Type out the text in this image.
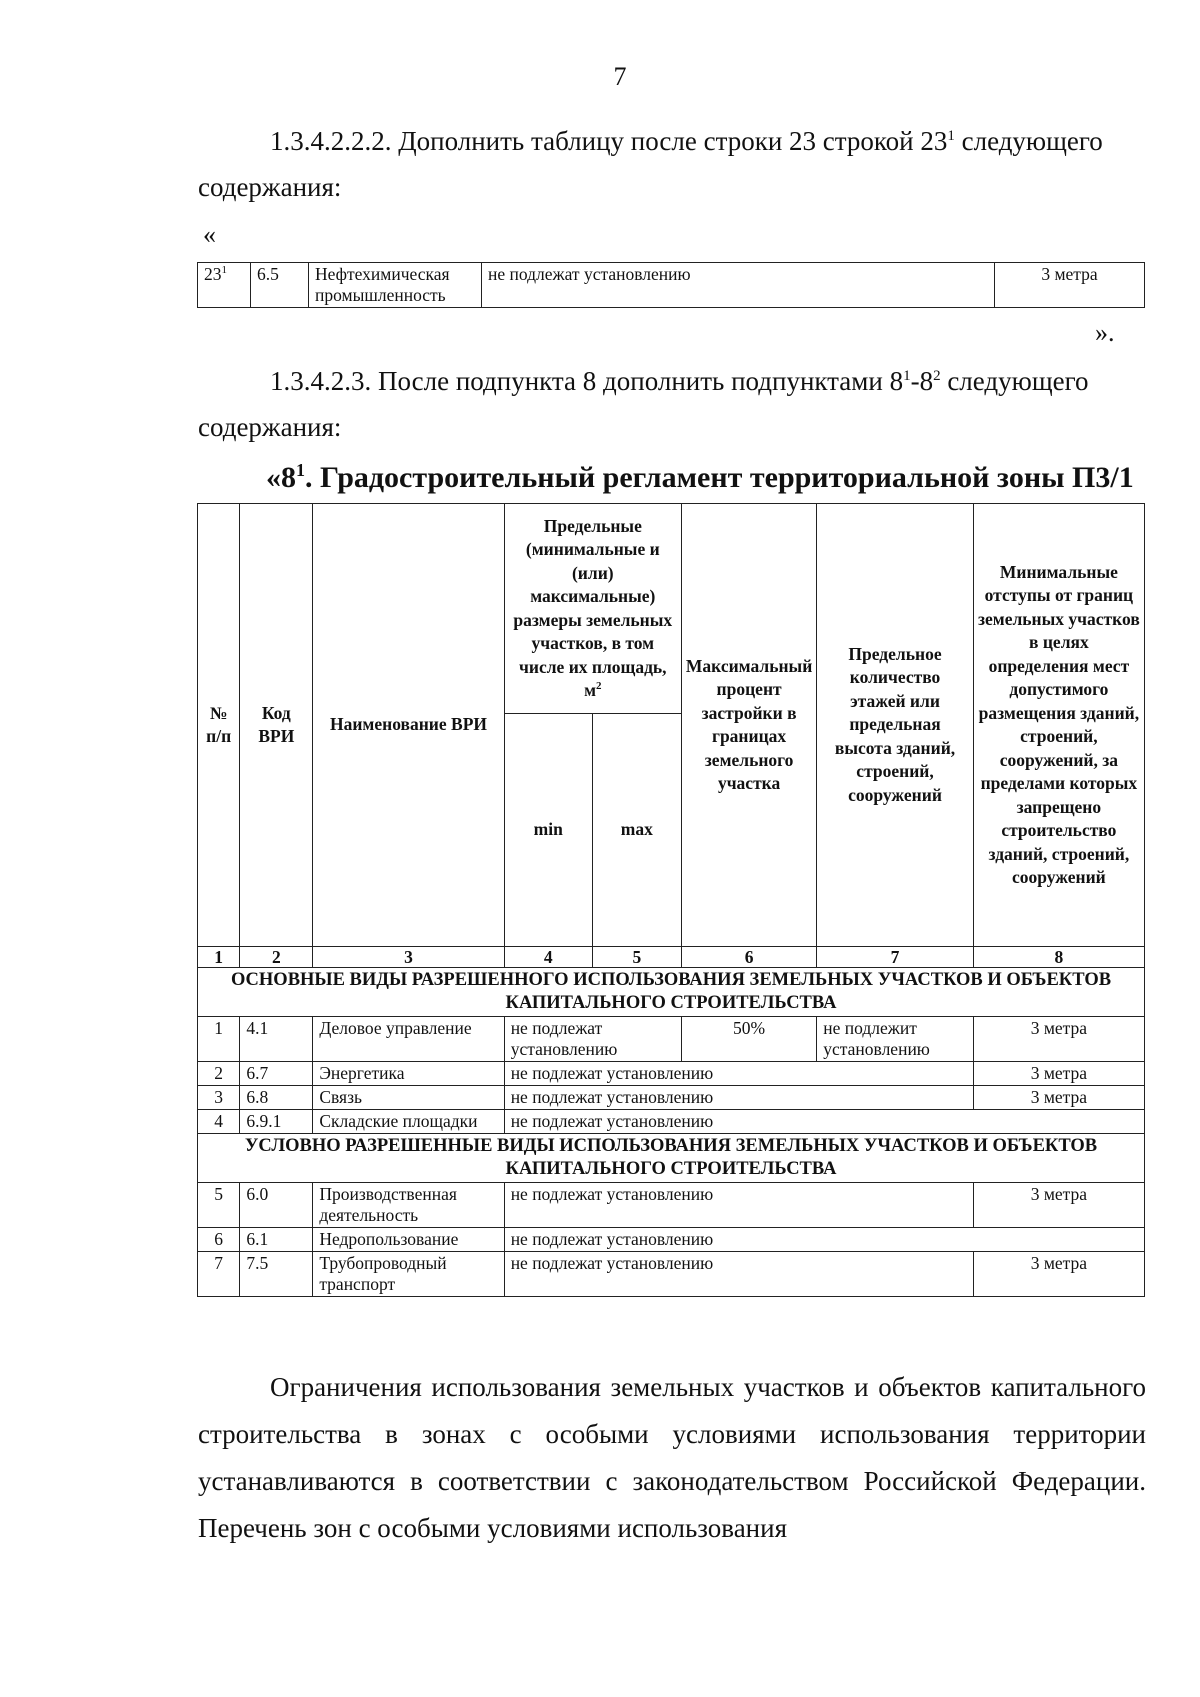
7
1.3.4.2.2.2. Дополнить таблицу после строки 23 строкой $23^1$ следующего содержания:
«
$23^1$	6.5	Нефтехимическая промышленность	не подлежат установлению	3 метра
».
1.3.4.2.3. После подпункта 8 дополнить подпунктами $8^1-8^2$ следующего содержания:
«$8^1$. Градостроительный регламент территориальной зоны П3/1
№ п/п	Код ВРИ	Наименование ВРИ	Предельные (минимальные и (или) максимальные) размеры земельных участков, в том числе их площадь, $м^2$		Максимальный процент застройки в границах земельного участка	Предельное количество этажей или предельная высота зданий, строений, сооружений	Минимальные отступы от границ земельных участков в целях определения мест допустимого размещения зданий, строений, сооружений, за пределами которых запрещено строительство зданий, строений, сооружений
			min	max			
1	2	3	4	5	6	7	8
ОСНОВНЫЕ ВИДЫ РАЗРЕШЕННОГО ИСПОЛЬЗОВАНИЯ ЗЕМЕЛЬНЫХ УЧАСТКОВ И ОБЪЕКТОВ КАПИТАЛЬНОГО СТРОИТЕЛЬСТВА							
1	4.1	Деловое управление	не подлежат установлению		50%	не подлежит установлению	3 метра
2	6.7	Энергетика	не подлежат установлению				3 метра
3	6.8	Связь	не подлежат установлению				3 метра
4	6.9.1	Складские площадки	не подлежат установлению				
УСЛОВНО РАЗРЕШЕННЫЕ ВИДЫ ИСПОЛЬЗОВАНИЯ ЗЕМЕЛЬНЫХ УЧАСТКОВ И ОБЪЕКТОВ КАПИТАЛЬНОГО СТРОИТЕЛЬСТВА							
5	6.0	Производственная деятельность	не подлежат установлению				3 метра
6	6.1	Недропользование	не подлежат установлению				
7	7.5	Трубопроводный транспорт	не подлежат установлению				3 метра
Ограничения использования земельных участков и объектов капитального строительства в зонах с особыми условиями использования территории устанавливаются в соответствии с законодательством Российской Федерации. Перечень зон с особыми условиями использования
